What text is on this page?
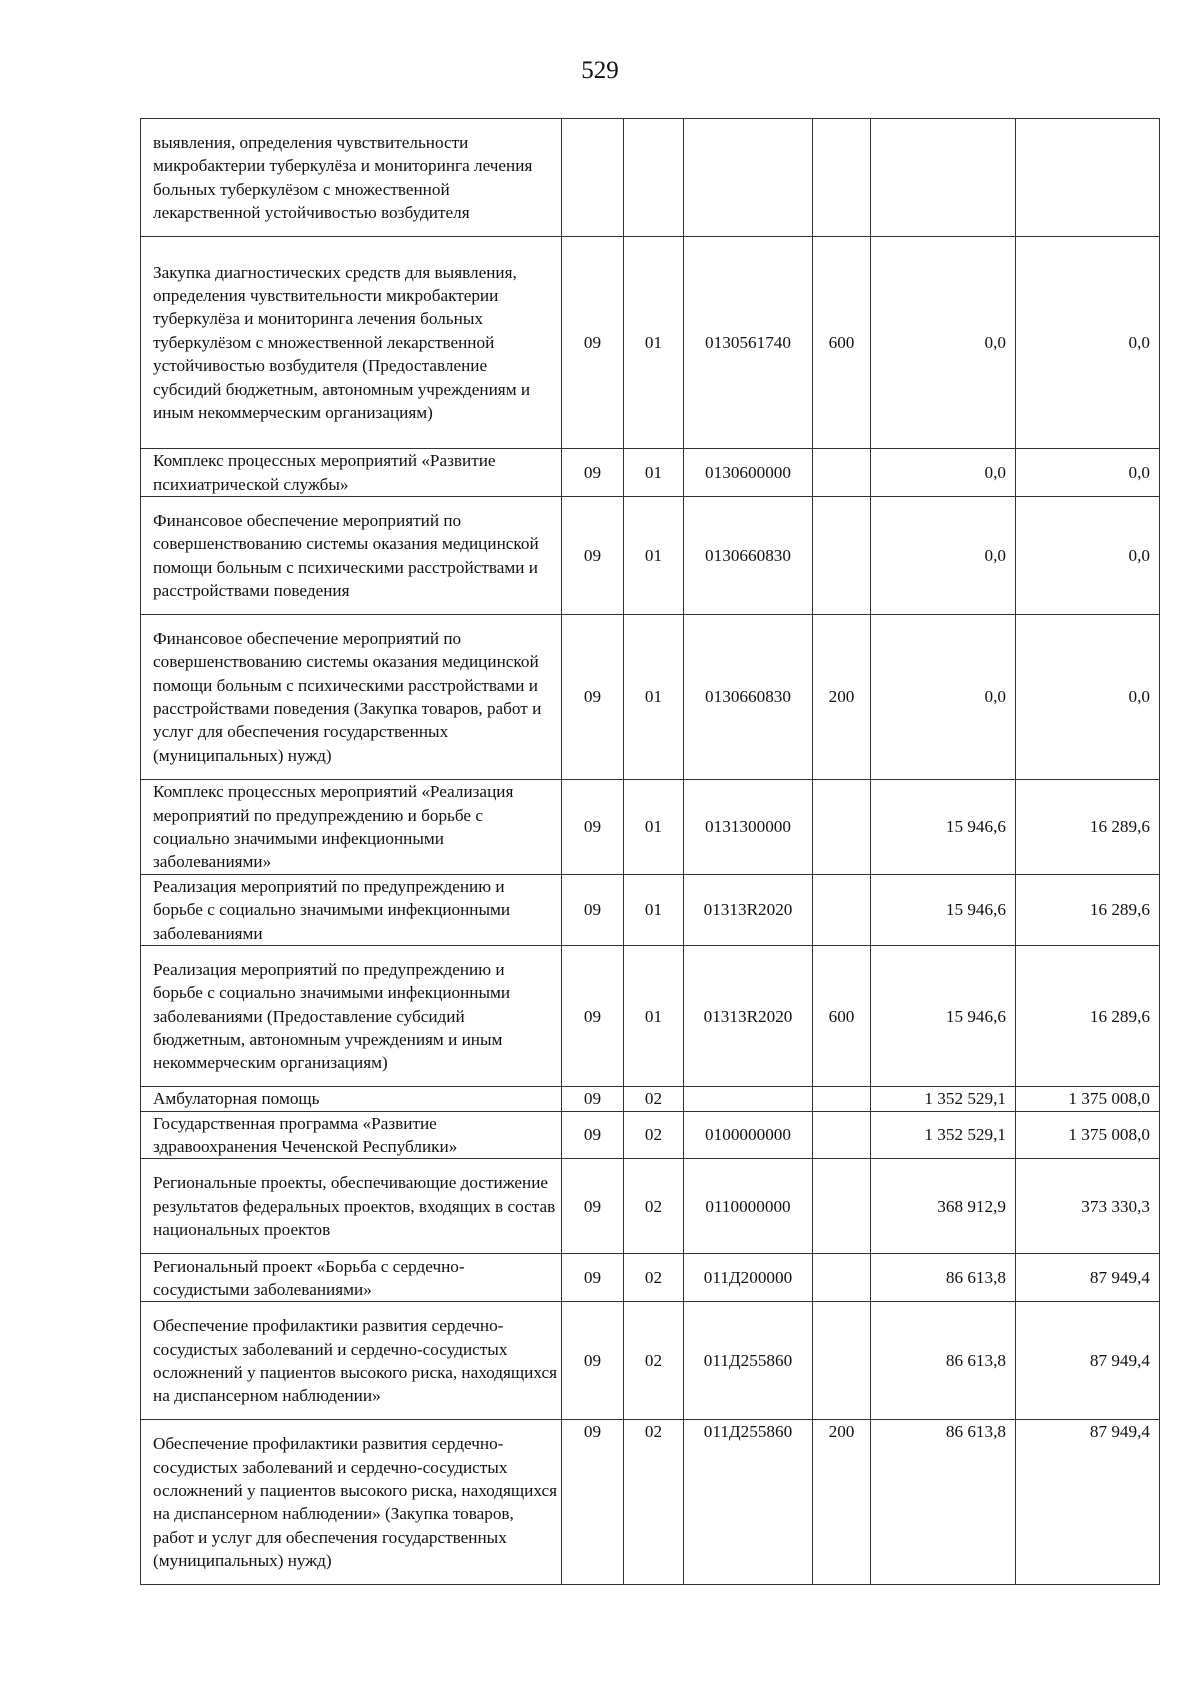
529
выявления, определения чувствительности микробактерии туберкулёза и мониторинга лечения больных туберкулёзом с множественной лекарственной устойчивостью возбудителя						
Закупка диагностических средств для выявления, определения чувствительности микробактерии туберкулёза и мониторинга лечения больных туберкулёзом с множественной лекарственной устойчивостью возбудителя (Предоставление субсидий бюджетным, автономным учреждениям и иным некоммерческим организациям)	09	01	0130561740	600	0,0	0,0
Комплекс процессных мероприятий «Развитие психиатрической службы»	09	01	0130600000		0,0	0,0
Финансовое обеспечение мероприятий по совершенствованию системы оказания медицинской помощи больным с психическими расстройствами и расстройствами поведения	09	01	0130660830		0,0	0,0
Финансовое обеспечение мероприятий по совершенствованию системы оказания медицинской помощи больным с психическими расстройствами и расстройствами поведения (Закупка товаров, работ и услуг для обеспечения государственных (муниципальных) нужд)	09	01	0130660830	200	0,0	0,0
Комплекс процессных мероприятий «Реализация мероприятий по предупреждению и борьбе с социально значимыми инфекционными заболеваниями»	09	01	0131300000		15 946,6	16 289,6
Реализация мероприятий по предупреждению и борьбе с социально значимыми инфекционными заболеваниями	09	01	01313R2020		15 946,6	16 289,6
Реализация мероприятий по предупреждению и борьбе с социально значимыми инфекционными заболеваниями (Предоставление субсидий бюджетным, автономным учреждениям и иным некоммерческим организациям)	09	01	01313R2020	600	15 946,6	16 289,6
Амбулаторная помощь	09	02			1 352 529,1	1 375 008,0
Государственная программа «Развитие здравоохранения Чеченской Республики»	09	02	0100000000		1 352 529,1	1 375 008,0
Региональные проекты, обеспечивающие достижение результатов федеральных проектов, входящих в состав национальных проектов	09	02	0110000000		368 912,9	373 330,3
Региональный проект «Борьба с сердечно-сосудистыми заболеваниями»	09	02	011Д200000		86 613,8	87 949,4
Обеспечение профилактики развития сердечно-сосудистых заболеваний и сердечно-сосудистых осложнений у пациентов высокого риска, находящихся на диспансерном наблюдении»	09	02	011Д255860		86 613,8	87 949,4
Обеспечение профилактики развития сердечно-сосудистых заболеваний и сердечно-сосудистых осложнений у пациентов высокого риска, находящихся на диспансерном наблюдении» (Закупка товаров, работ и услуг для обеспечения государственных (муниципальных) нужд)	09	02	011Д255860	200	86 613,8	87 949,4
